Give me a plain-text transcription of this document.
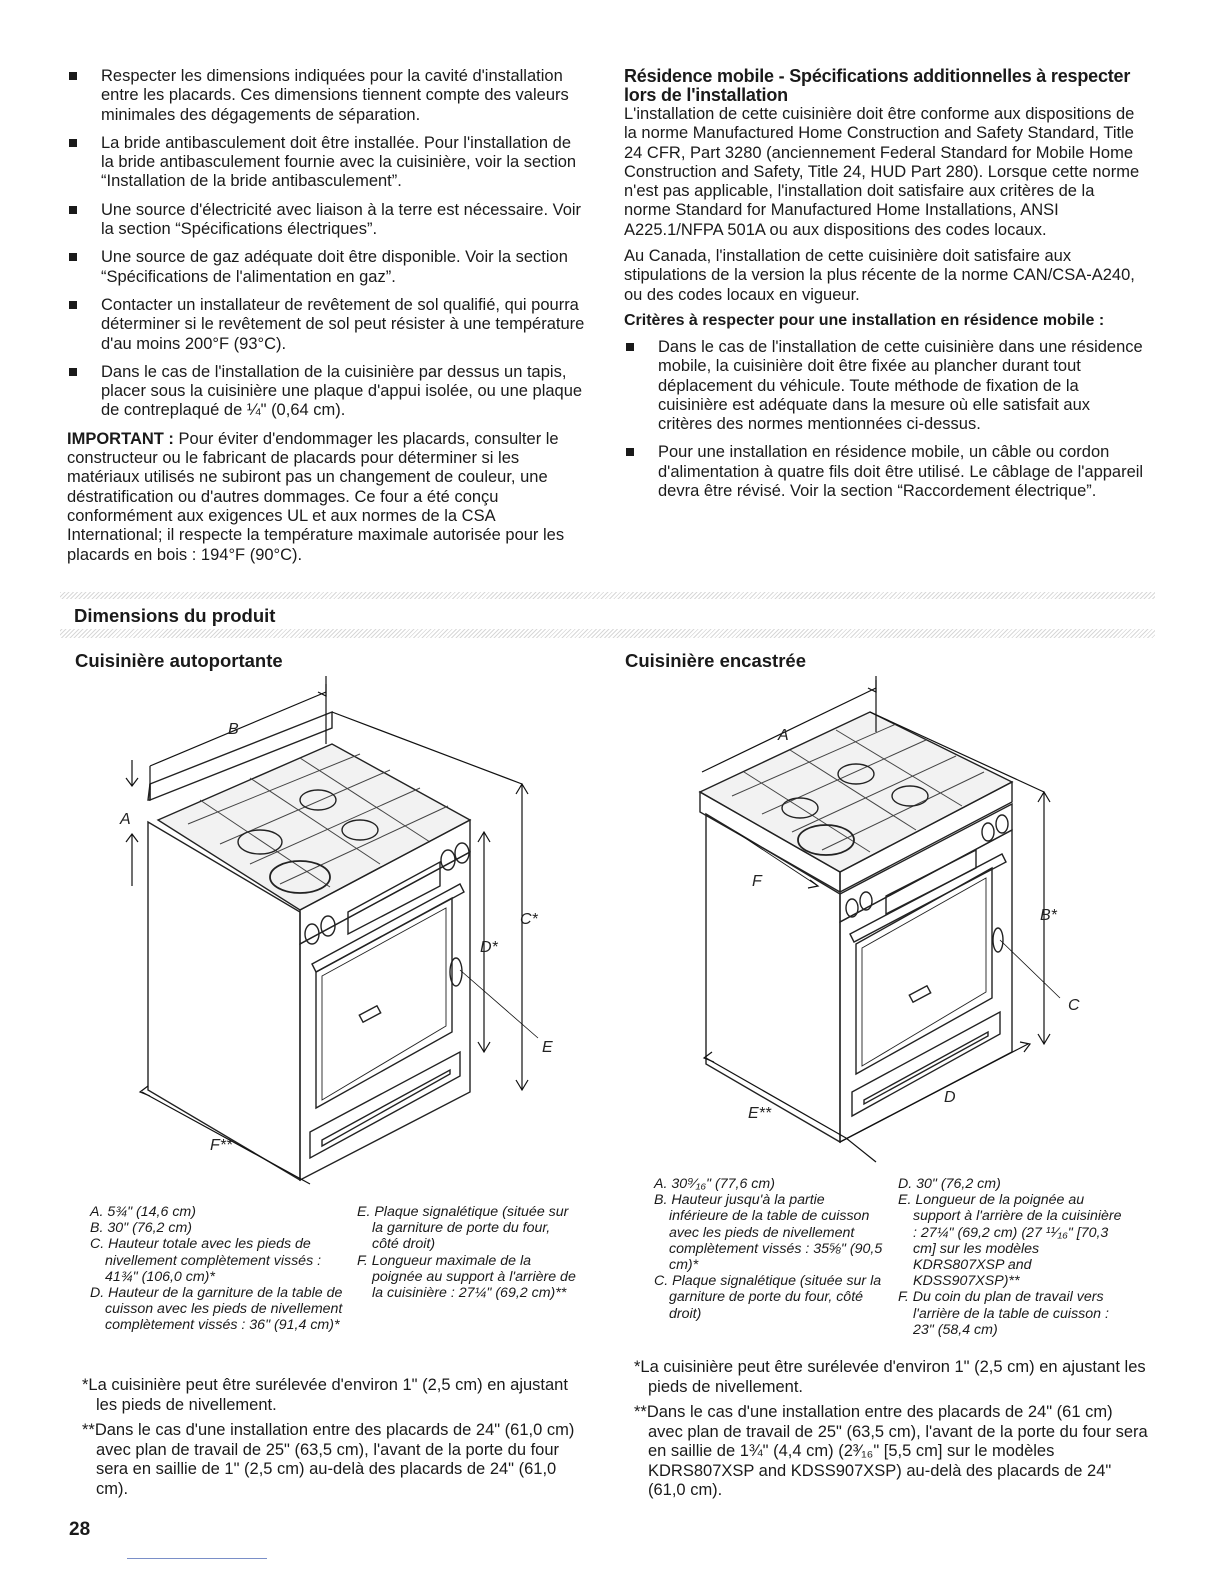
Respecter les dimensions indiquées pour la cavité d'installation entre les placards. Ces dimensions tiennent compte des valeurs minimales des dégagements de séparation.
La bride antibasculement doit être installée. Pour l'installation de la bride antibasculement fournie avec la cuisinière, voir la section “Installation de la bride antibasculement”.
Une source d'électricité avec liaison à la terre est nécessaire. Voir la section “Spécifications électriques”.
Une source de gaz adéquate doit être disponible. Voir la section “Spécifications de l'alimentation en gaz”.
Contacter un installateur de revêtement de sol qualifié, qui pourra déterminer si le revêtement de sol peut résister à une température d'au moins 200°F (93°C).
Dans le cas de l'installation de la cuisinière par dessus un tapis, placer sous la cuisinière une plaque d'appui isolée, ou une plaque de contreplaqué de ¼" (0,64 cm).

IMPORTANT : Pour éviter d'endommager les placards, consulter le constructeur ou le fabricant de placards pour déterminer si les matériaux utilisés ne subiront pas un changement de couleur, une déstratification ou d'autres dommages. Ce four a été conçu conformément aux exigences UL et aux normes de la CSA International; il respecte la température maximale autorisée pour les placards en bois : 194°F (90°C).

Résidence mobile - Spécifications additionnelles à respecter lors de l'installation

L'installation de cette cuisinière doit être conforme aux dispositions de la norme Manufactured Home Construction and Safety Standard, Title 24 CFR, Part 3280 (anciennement Federal Standard for Mobile Home Construction and Safety, Title 24, HUD Part 280). Lorsque cette norme n'est pas applicable, l'installation doit satisfaire aux critères de la norme Standard for Manufactured Home Installations, ANSI A225.1/NFPA 501A ou aux dispositions des codes locaux.

Au Canada, l'installation de cette cuisinière doit satisfaire aux stipulations de la version la plus récente de la norme CAN/CSA-A240, ou des codes locaux en vigueur.

Critères à respecter pour une installation en résidence mobile :

Dans le cas de l'installation de cette cuisinière dans une résidence mobile, la cuisinière doit être fixée au plancher durant tout déplacement du véhicule. Toute méthode de fixation de la cuisinière est adéquate dans la mesure où elle satisfait aux critères des normes mentionnées ci-dessus.
Pour une installation en résidence mobile, un câble ou cordon d'alimentation à quatre fils doit être utilisé. Le câblage de l'appareil devra être révisé. Voir la section “Raccordement électrique”.
Dimensions du produit
Cuisinière autoportante	Cuisinière encastrée
B
A
C*
D*
E
F**
A
B*
C
D
E**
F

A. 5¾" (14,6 cm)

B. 30" (76,2 cm)

C. Hauteur totale avec les pieds de nivellement complètement vissés : 41¾" (106,0 cm)*

D. Hauteur de la garniture de la table de cuisson avec les pieds de nivellement complètement vissés : 36" (91,4 cm)*

E. Plaque signalétique (située sur la garniture de porte du four, côté droit)

F. Longueur maximale de la poignée au support à l'arrière de la cuisinière : 27¼" (69,2 cm)**

*La cuisinière peut être surélevée d'environ 1" (2,5 cm) en ajustant les pieds de nivellement.

**Dans le cas d'une installation entre des placards de 24" (61,0 cm) avec plan de travail de 25" (63,5 cm), l'avant de la porte du four sera en saillie de 1" (2,5 cm) au-delà des placards de 24" (61,0 cm).

A. 30⁹⁄₁₆" (77,6 cm)

B. Hauteur jusqu'à la partie inférieure de la table de cuisson avec les pieds de nivellement complètement vissés : 35⅝" (90,5 cm)*

C. Plaque signalétique (située sur la garniture de porte du four, côté droit)

D. 30" (76,2 cm)

E. Longueur de la poignée au support à l'arrière de la cuisinière : 27¼" (69,2 cm) (27 ¹¹⁄₁₆" [70,3 cm] sur les modèles KDRS807XSP and KDSS907XSP)**

F. Du coin du plan de travail vers l'arrière de la table de cuisson : 23" (58,4 cm)

*La cuisinière peut être surélevée d'environ 1" (2,5 cm) en ajustant les pieds de nivellement.

**Dans le cas d'une installation entre des placards de 24" (61 cm) avec plan de travail de 25" (63,5 cm), l'avant de la porte du four sera en saillie de 1¾" (4,4 cm) (2³⁄₁₆" [5,5 cm] sur le modèles KDRS807XSP and KDSS907XSP) au-delà des placards de 24" (61,0 cm).

28
